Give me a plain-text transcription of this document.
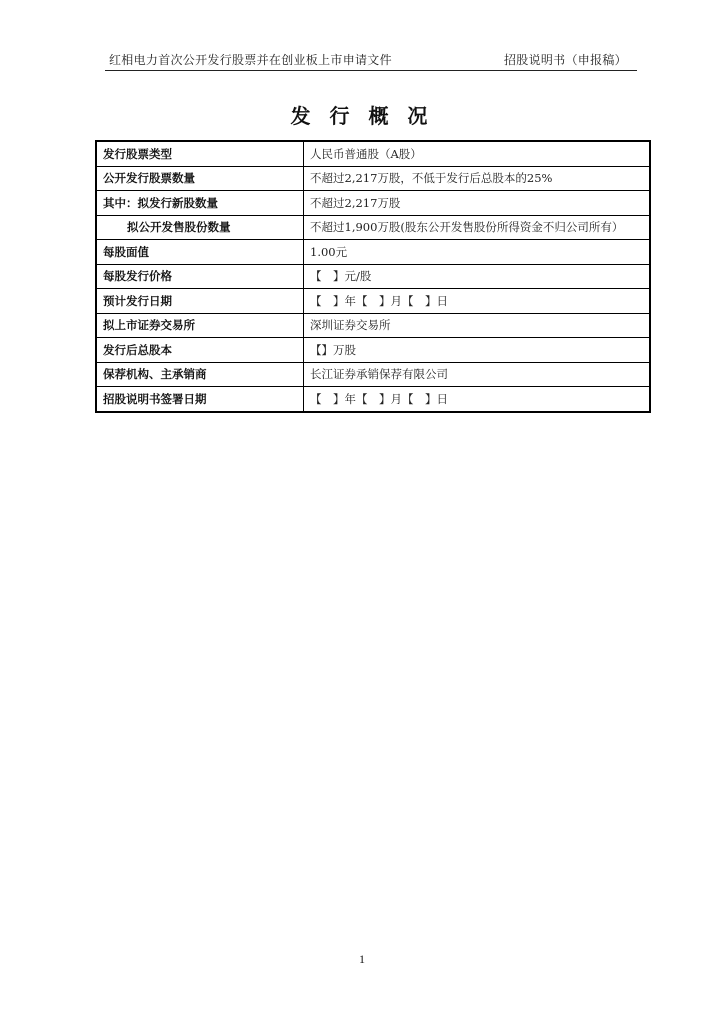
红相电力首次公开发行股票并在创业板上市申请文件	招股说明书（申报稿）
发 行 概 况
发行股票类型	人民币普通股（A股）
公开发行股票数量	不超过2,217万股，不低于发行后总股本的25%
其中：拟发行新股数量	不超过2,217万股
拟公开发售股份数量	不超过1,900万股(股东公开发售股份所得资金不归公司所有）
每股面值	1.00元
每股发行价格	【　】元/股
预计发行日期	【　】年【　】月【　】日
拟上市证券交易所	深圳证券交易所
发行后总股本	【】万股
保荐机构、主承销商	长江证券承销保荐有限公司
招股说明书签署日期	【　】年【　】月【　】日
1
